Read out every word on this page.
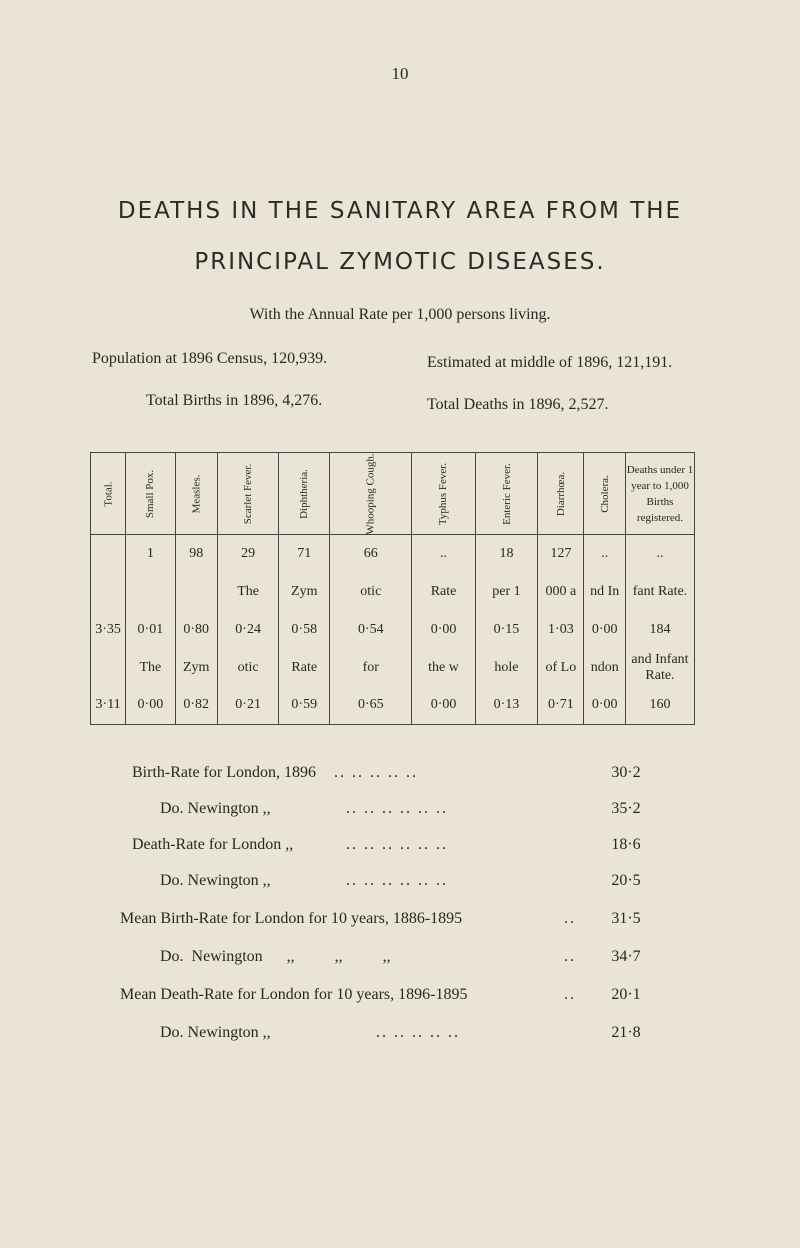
10
DEATHS IN THE SANITARY AREA FROM THE
PRINCIPAL ZYMOTIC DISEASES.
With the Annual Rate per 1,000 persons living.
Population at 1896 Census, 120,939.	Estimated at middle of 1896, 121,191.
Total Births in 1896, 4,276.	Total Deaths in 1896, 2,527.
Total.	Small Pox.	Measles.	Scarlet Fever.	Diphtheria.	Whooping Cough.	Typhus Fever.	Enteric Fever.	Diarrhœa.	Cholera.	Deaths under 1 year to 1,000 Births registered.
	1	98	29	71	66	..	18	127	..	..
			The	Zym	otic	Rate	per 1	000 a	nd In	fant Rate.
3·35	0·01	0·80	0·24	0·58	0·54	0·00	0·15	1·03	0·00	184
	The	Zym	otic	Rate	for	the w	hole	of Lo	ndon	and Infant Rate.
3·11	0·00	0·82	0·21	0·59	0·65	0·00	0·13	0·71	0·00	160
Birth-Rate for London, 1896 .. .. .. .. ..	30·2
Do. Newington ,,	.. .. .. .. .. ..	35·2
Death-Rate for London ,,	.. .. .. .. .. ..	18·6
Do. Newington ,,	.. .. .. .. .. ..	20·5
Mean Birth-Rate for London for 10 years, 1886-1895	..	31·5
Do.  Newington      ,,          ,,          ,,	..	34·7
Mean Death-Rate for London for 10 years, 1896-1895	..	20·1
Do. Newington ,,	.. .. .. .. ..	21·8
